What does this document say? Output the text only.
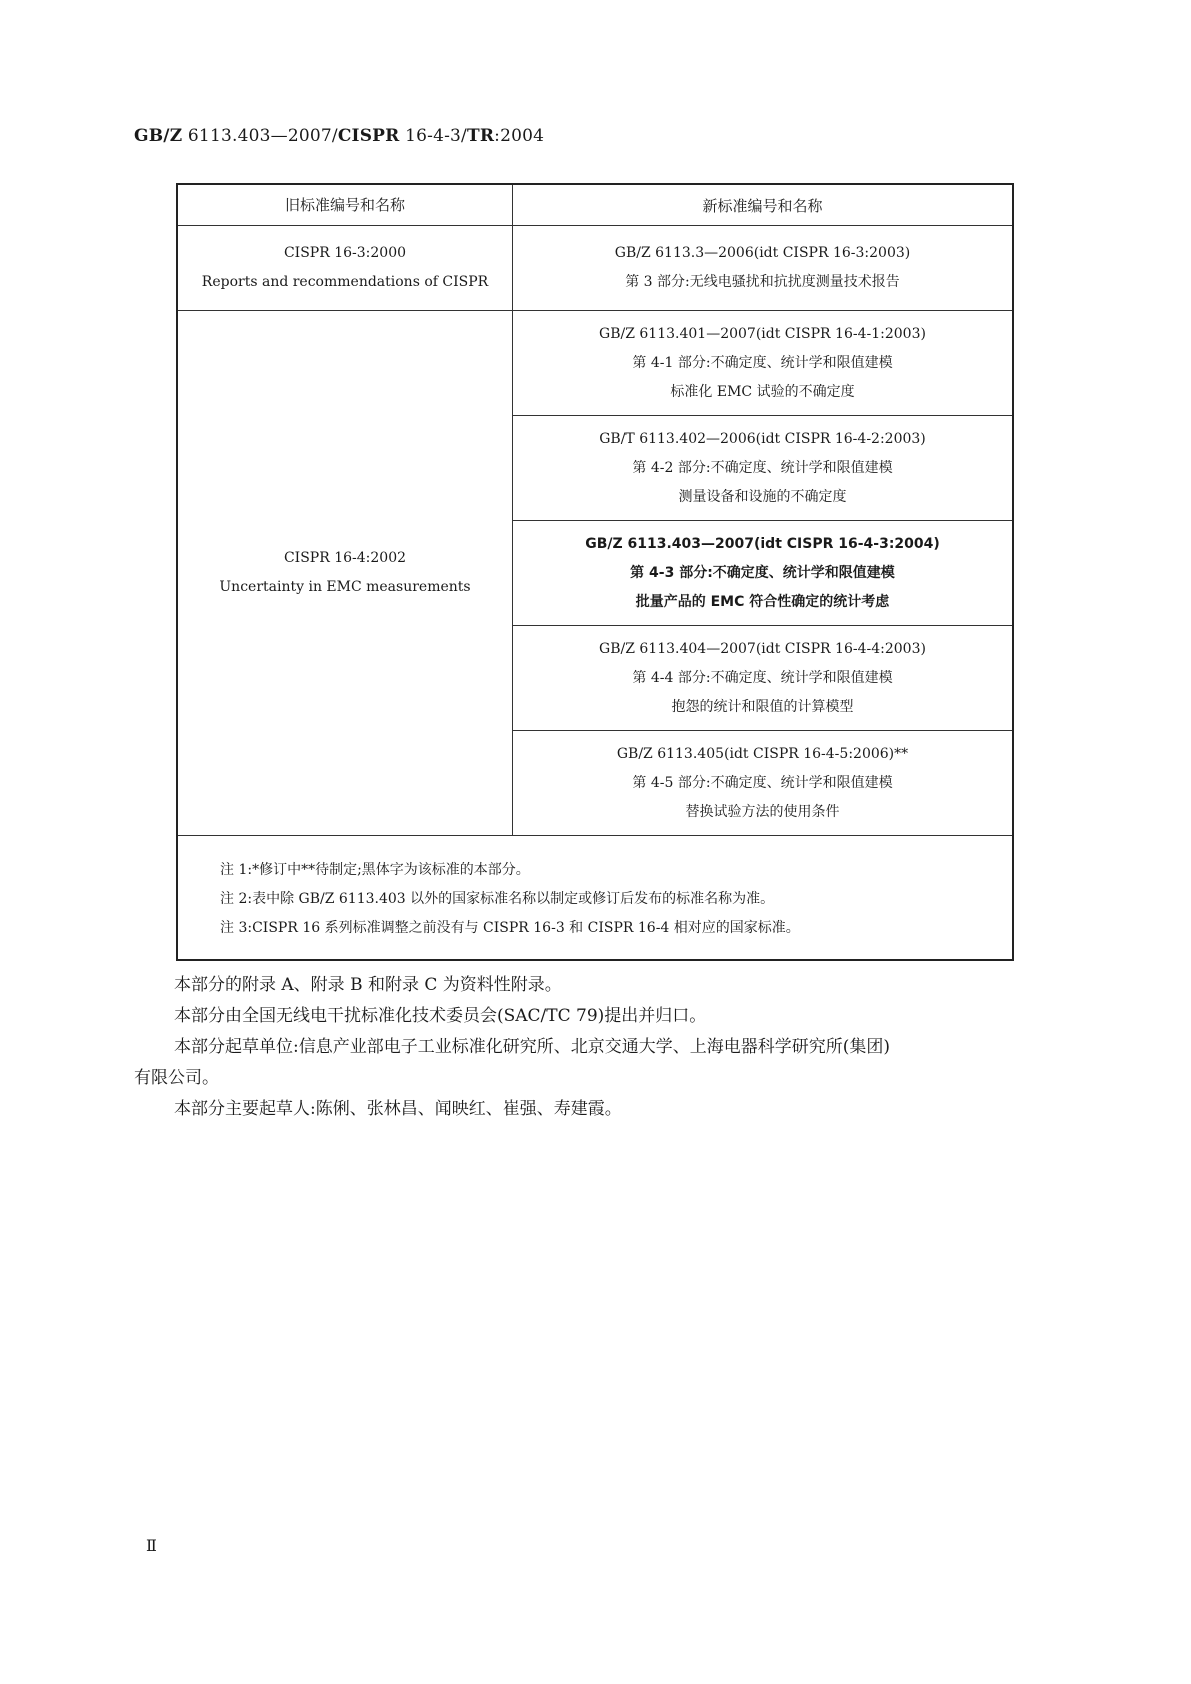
GB/Z 6113.403—2007/CISPR 16-4-3/TR:2004
旧标准编号和名称	新标准编号和名称
CISPR 16-3:2000
Reports and recommendations of CISPR
GB/Z 6113.3—2006(idt CISPR 16-3:2003)
第 3 部分:无线电骚扰和抗扰度测量技术报告
CISPR 16-4:2002
Uncertainty in EMC measurements
GB/Z 6113.401—2007(idt CISPR 16-4-1:2003)
第 4-1 部分:不确定度、统计学和限值建模
标准化 EMC 试验的不确定度
GB/T 6113.402—2006(idt CISPR 16-4-2:2003)
第 4-2 部分:不确定度、统计学和限值建模
测量设备和设施的不确定度
GB/Z 6113.403—2007(idt CISPR 16-4-3:2004)
第 4-3 部分:不确定度、统计学和限值建模
批量产品的 EMC 符合性确定的统计考虑
GB/Z 6113.404—2007(idt CISPR 16-4-4:2003)
第 4-4 部分:不确定度、统计学和限值建模
抱怨的统计和限值的计算模型
GB/Z 6113.405(idt CISPR 16-4-5:2006)**
第 4-5 部分:不确定度、统计学和限值建模
替换试验方法的使用条件
注 1:*修订中**待制定;黑体字为该标准的本部分。
注 2:表中除 GB/Z 6113.403 以外的国家标准名称以制定或修订后发布的标准名称为准。
注 3:CISPR 16 系列标准调整之前没有与 CISPR 16-3 和 CISPR 16-4 相对应的国家标准。

本部分的附录 A、附录 B 和附录 C 为资料性附录。

本部分由全国无线电干扰标准化技术委员会(SAC/TC 79)提出并归口。

本部分起草单位:信息产业部电子工业标准化研究所、北京交通大学、上海电器科学研究所(集团)

有限公司。

本部分主要起草人:陈俐、张林昌、闻映红、崔强、寿建霞。

Ⅱ
